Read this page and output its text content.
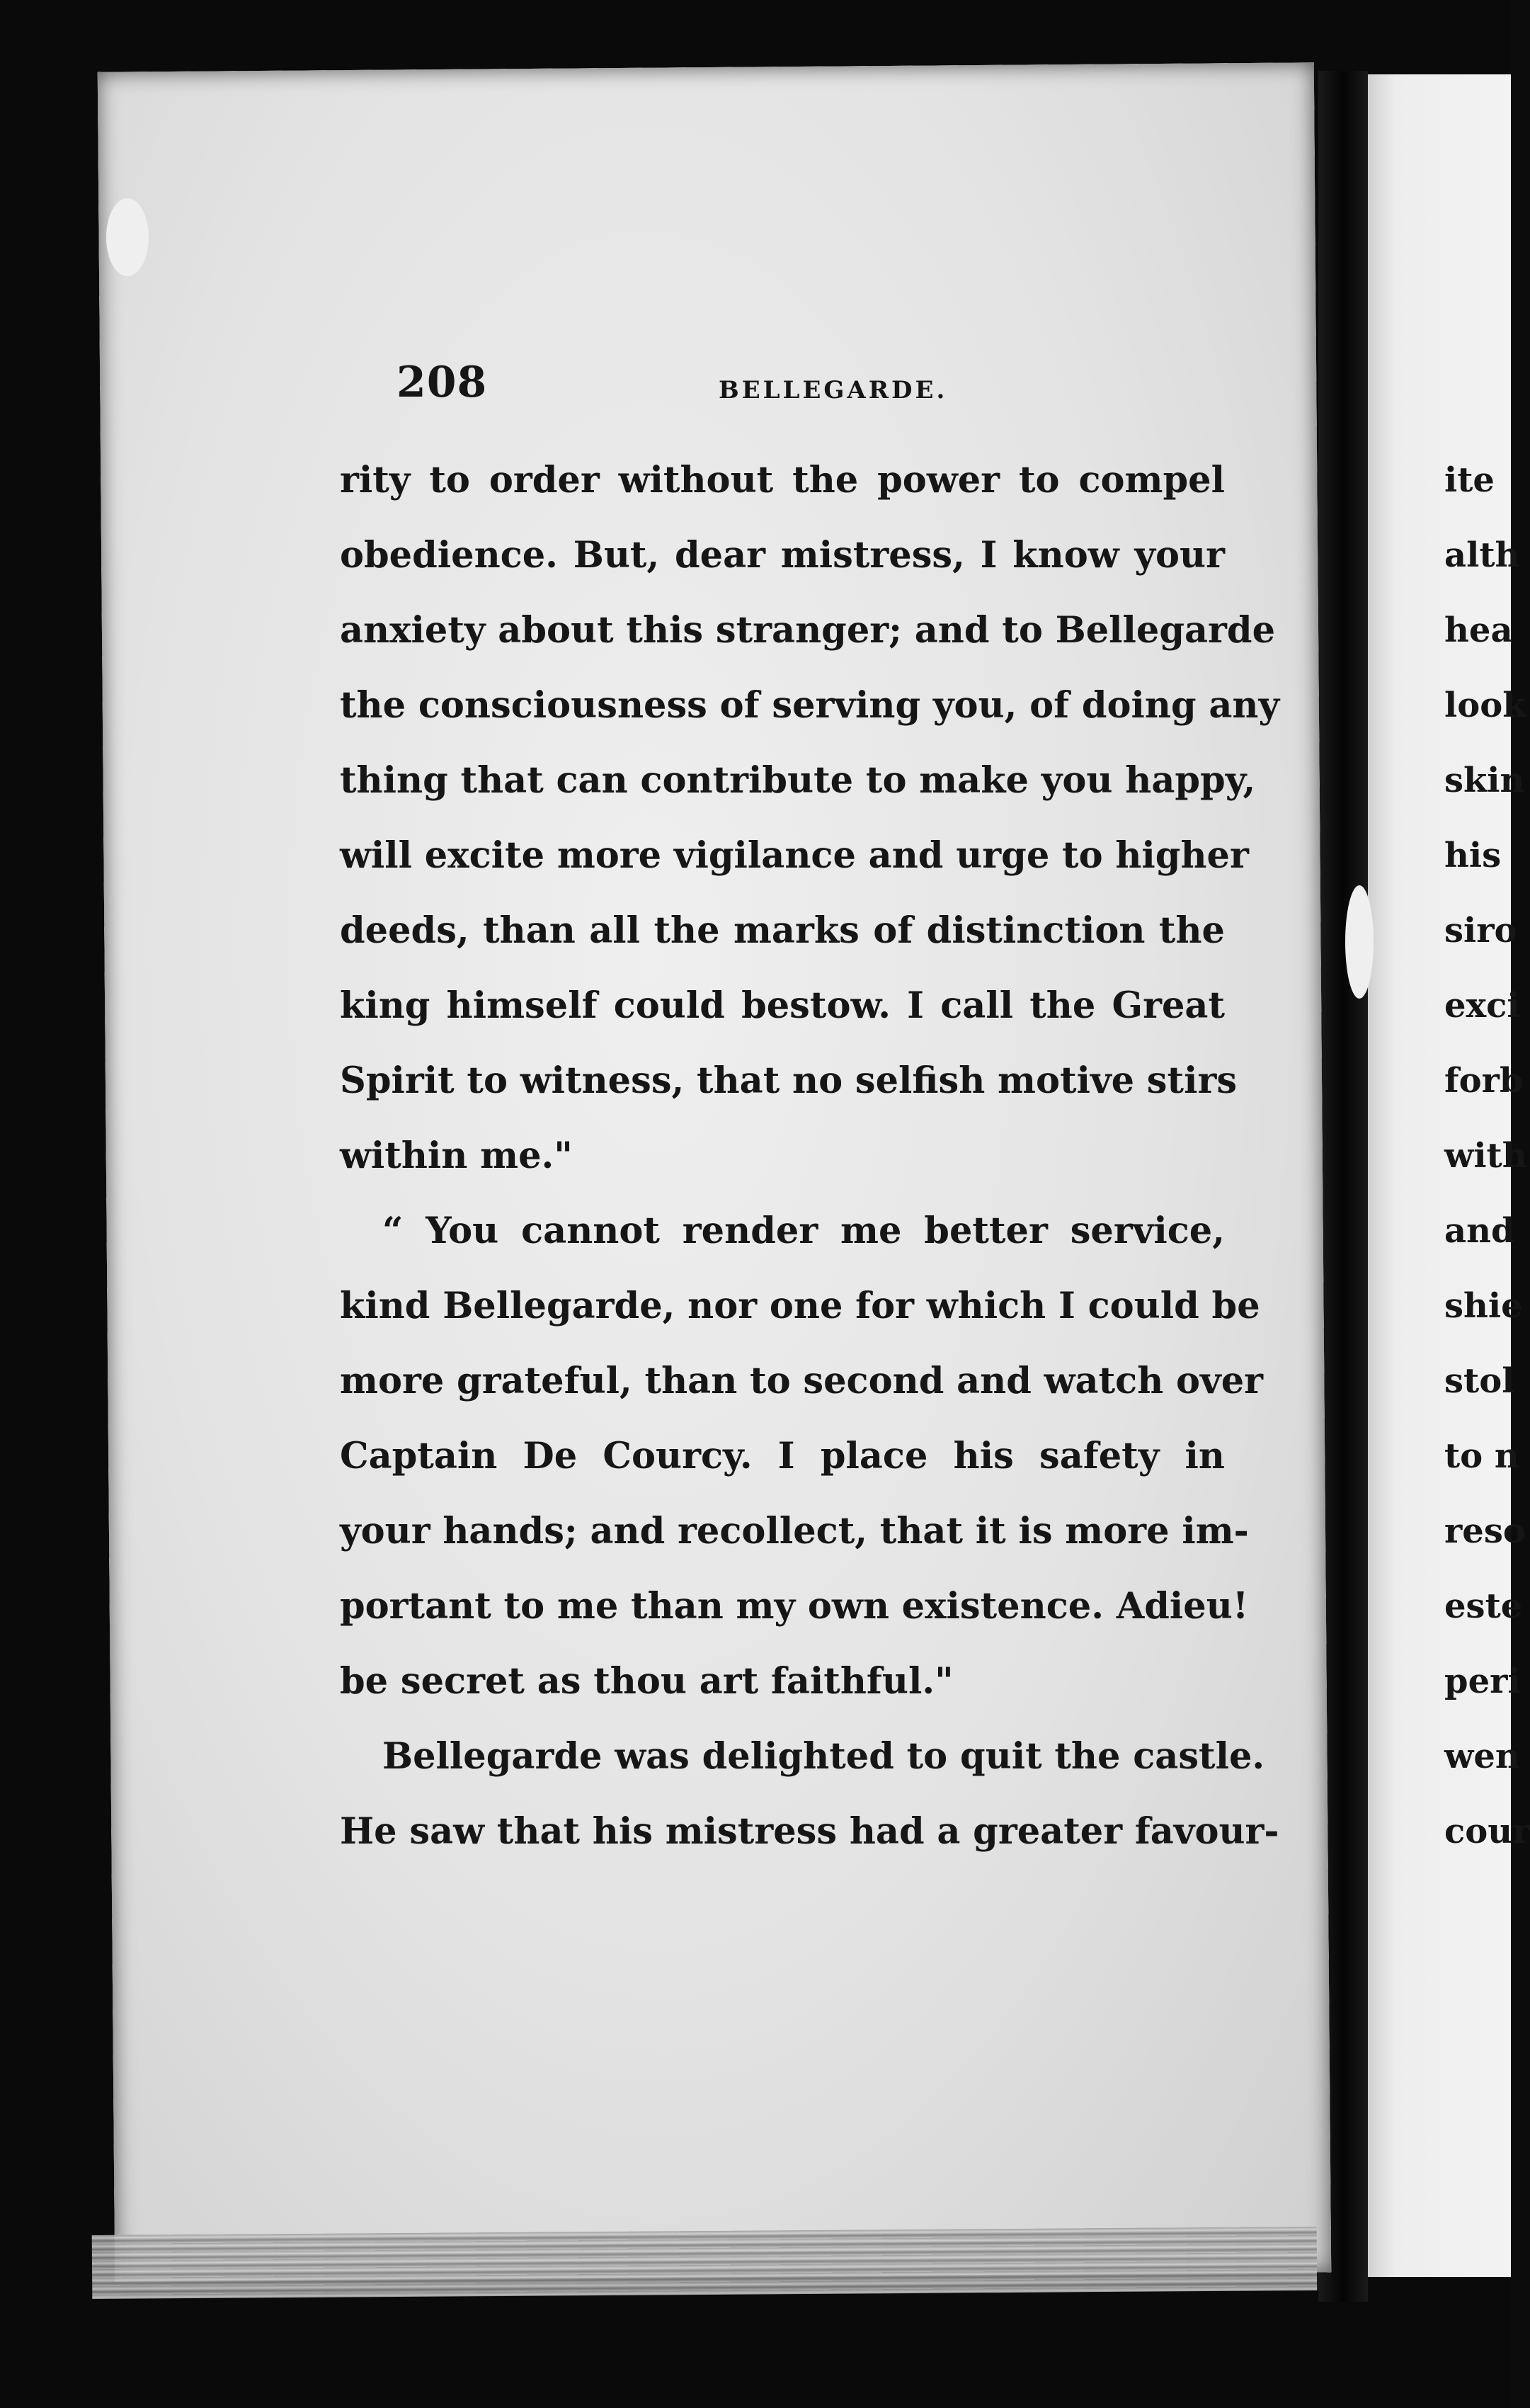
208	BELLEGARDE.
rity to order without the power to compel
obedience. But, dear mistress, I know your
anxiety about this stranger; and to Bellegarde
the consciousness of serving you, of doing any
thing that can contribute to make you happy,
will excite more vigilance and urge to higher
deeds, than all the marks of distinction the
king himself could bestow. I call the Great
Spirit to witness, that no selfish motive stirs
within me."
“ You cannot render me better service,
kind Bellegarde, nor one for which I could be
more grateful, than to second and watch over
Captain De Courcy. I place his safety in
your hands; and recollect, that it is more im-
portant to me than my own existence. Adieu!
be secret as thou art faithful."
Bellegarde was delighted to quit the castle.
He saw that his mistress had a greater favour-
ite
alth
hea
look
skin
his
siro
exci
forb
with
and
shie
stol
to n
reso
este
peri
wen
cour
